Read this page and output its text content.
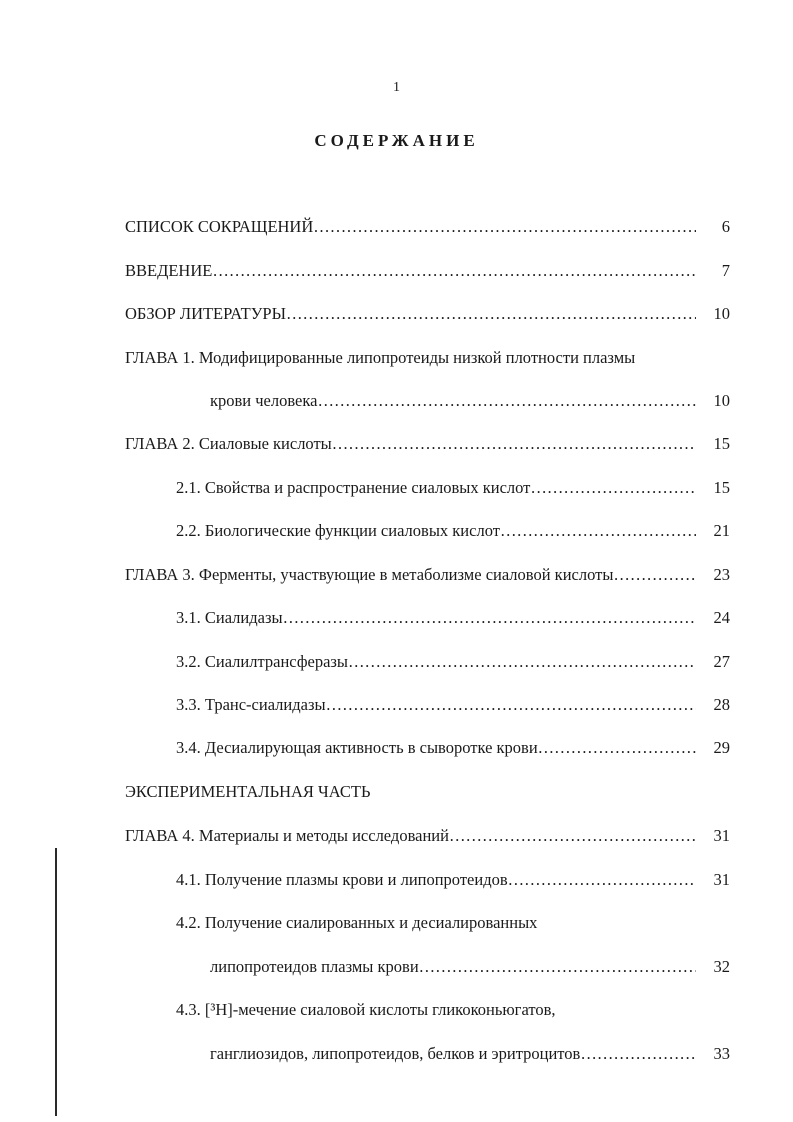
1
СОДЕРЖАНИЕ
СПИСОК СОКРАЩЕНИЙ ……………………………………………………………………………………………………………………………………………………	6
ВВЕДЕНИЕ ……………………………………………………………………………………………………………………………………………………	7
ОБЗОР ЛИТЕРАТУРЫ ……………………………………………………………………………………………………………………………………………………	10
ГЛАВА 1. Модифицированные липопротеиды низкой плотности плазмы
крови человека ……………………………………………………………………………………………………………………………………………………	10
ГЛАВА 2. Сиаловые кислоты ……………………………………………………………………………………………………………………………………………………	15
2.1. Свойства и распространение сиаловых кислот ……………………………………………………………………………………………………………………………………………………	15
2.2. Биологические функции сиаловых кислот ……………………………………………………………………………………………………………………………………………………	21
ГЛАВА 3. Ферменты, участвующие в метаболизме сиаловой кислоты ……………………………………………………………………………………………………………………………………………………	23
3.1. Сиалидазы ……………………………………………………………………………………………………………………………………………………	24
3.2. Сиалилтрансферазы ……………………………………………………………………………………………………………………………………………………	27
3.3. Транс-сиалидазы ……………………………………………………………………………………………………………………………………………………	28
3.4. Десиалирующая активность в сыворотке крови ……………………………………………………………………………………………………………………………………………………	29
ЭКСПЕРИМЕНТАЛЬНАЯ ЧАСТЬ
ГЛАВА 4. Материалы и методы исследований ……………………………………………………………………………………………………………………………………………………	31
4.1. Получение плазмы крови и липопротеидов ……………………………………………………………………………………………………………………………………………………	31
4.2. Получение сиалированных и десиалированных
липопротеидов плазмы крови ……………………………………………………………………………………………………………………………………………………	32
4.3. [³H]-мечение сиаловой кислоты гликоконьюгатов,
ганглиозидов, липопротеидов, белков и эритроцитов ……………………………………………………………………………………………………………………………………………………	33
